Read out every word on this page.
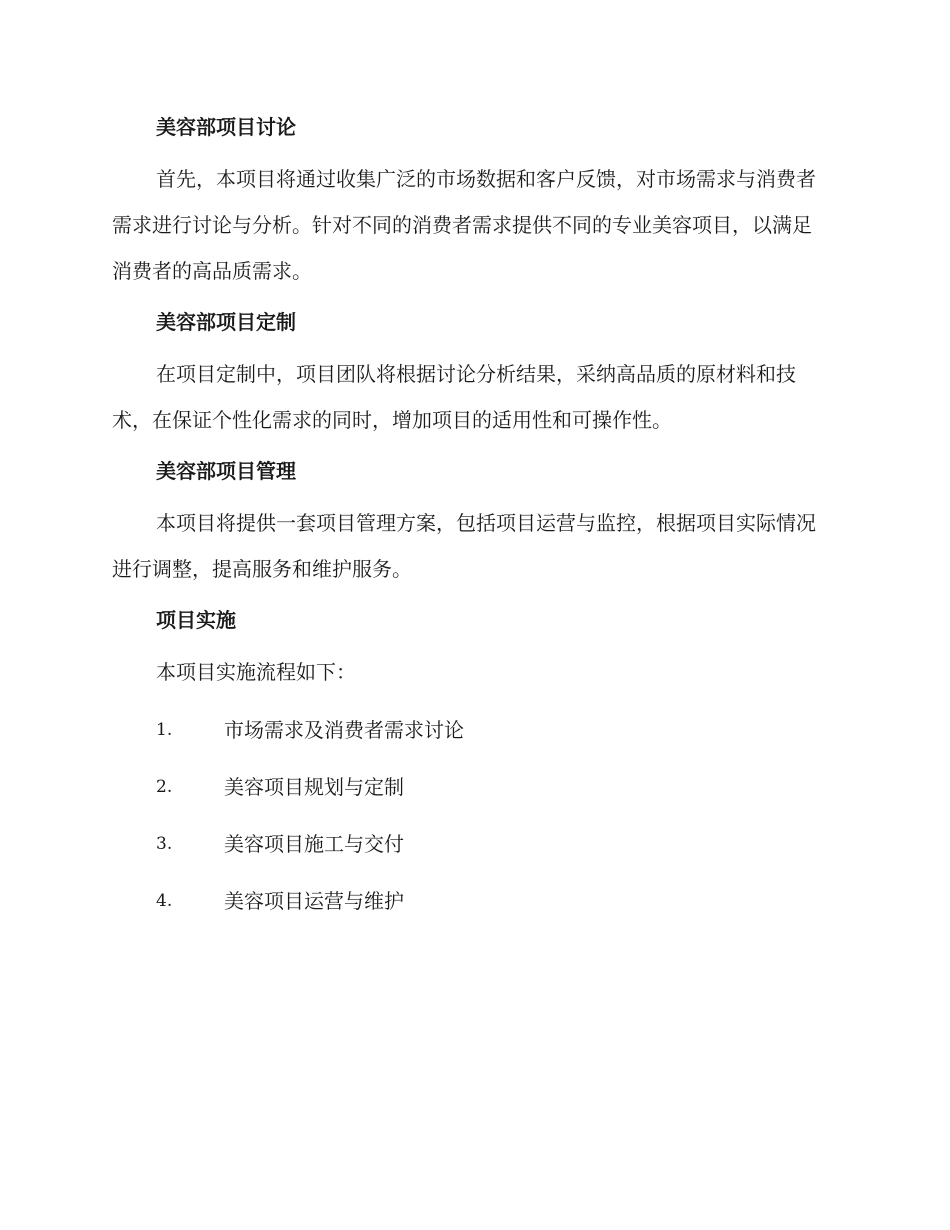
美容部项目讨论

首先，本项目将通过收集广泛的市场数据和客户反馈，对市场需求与消费者需求进行讨论与分析。针对不同的消费者需求提供不同的专业美容项目，以满足消费者的高品质需求。

美容部项目定制

在项目定制中，项目团队将根据讨论分析结果，采纳高品质的原材料和技术，在保证个性化需求的同时，增加项目的适用性和可操作性。

美容部项目管理

本项目将提供一套项目管理方案，包括项目运营与监控，根据项目实际情况进行调整，提高服务和维护服务。

项目实施

本项目实施流程如下：

1.	市场需求及消费者需求讨论
2.	美容项目规划与定制
3.	美容项目施工与交付
4.	美容项目运营与维护
